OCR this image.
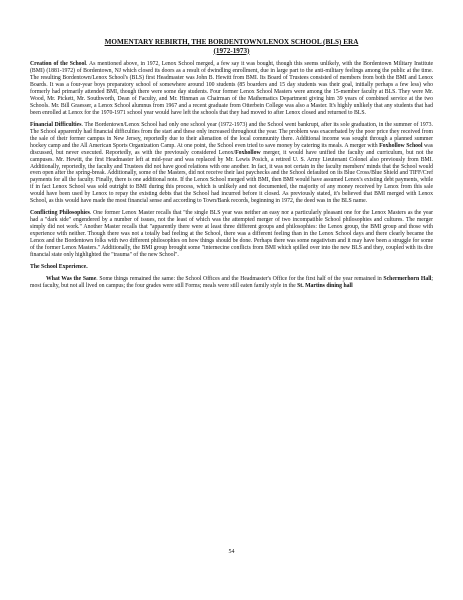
MOMENTARY REBIRTH, THE BORDENTOWN/LENOX SCHOOL (BLS) ERA
(1972-1973)

Creation of the School. As mentioned above, in 1972, Lenox School merged, a few say it was bought, though this seems unlikely, with the Bordentown Military Institute (BMI) (1881-1972) of Bordentown, NJ which closed its doors as a result of dwindling enrollment, due in large part to the anti-military feelings among the public at the time. The resulting Bordentown/Lenox School's (BLS) first Headmaster was John B. Hewitt from BMI. Its Board of Trustees consisted of members from both the BMI and Lenox Boards. It was a four-year boys preparatory school of somewhere around 100 students (85 boarders and 15 day students was their goal, initially perhaps a few less) who formerly had primarily attended BMI, though there were some day students. Four former Lenox School Masters were among the 15-member faculty at BLS. They were Mr. Wood, Mr. Pickett, Mr. Southworth, Dean of Faculty, and Mr. Hinman as Chairman of the Mathematics Department giving him 39 years of combined service at the two Schools. Mr. Bill Graesser, a Lenox School alumnus from 1967 and a recent graduate from Otterbein College was also a Master. It's highly unlikely that any students that had been enrolled at Lenox for the 1970-1971 school year would have left the schools that they had moved to after Lenox closed and returned to BLS.

Financial Difficulties. The Bordentown/Lenox School had only one school year (1972-1973) and the School went bankrupt, after its sole graduation, in the summer of 1973. The School apparently had financial difficulties from the start and these only increased throughout the year. The problem was exacerbated by the poor price they received from the sale of their former campus in New Jersey, reportedly due to their alienation of the local community there. Additional income was sought through a planned summer hockey camp and the All American Sports Organization Camp. At one point, the School even tried to save money by catering its meals. A merger with Foxhollow School was discussed, but never executed. Reportedly, as with the previously considered Lenox/Foxhollow merger, it would have unified the faculty and curriculum, but not the campuses. Mr. Hewitt, the first Headmaster left at mid-year and was replaced by Mr. Lewis Posich, a retired U. S. Army Lieutenant Colonel also previously from BMI. Additionally, reportedly, the faculty and Trustees did not have good relations with one another. In fact, it was not certain in the faculty members' minds that the School would even open after the spring-break. Additionally, some of the Masters, did not receive their last paychecks and the School defaulted on its Blue Cross/Blue Shield and TIFF/Cref payments for all the faculty. Finally, there is one additional note. If the Lenox School merged with BMI, then BMI would have assumed Lenox's existing debt payments, while if in fact Lenox School was sold outright to BMI during this process, which is unlikely and not documented, the majority of any money received by Lenox from this sale would have been used by Lenox to repay the existing debts that the School had incurred before it closed. As previously stated, it's believed that BMI merged with Lenox School, as this would have made the most financial sense and according to Town/Bank records, beginning in 1972, the deed was in the BLS name.

Conflicting Philosophies. One former Lenox Master recalls that "the single BLS year was neither an easy nor a particularly pleasant one for the Lenox Masters as the year had a "dark side" engendered by a number of issues, not the least of which was the attempted merger of two incompatible School philosophies and cultures. The merger simply did not work." Another Master recalls that "apparently there were at least three different groups and philosophies: the Lenox group, the BMI group and those with experience with neither. Though there was not a totally bad feeling at the School, there was a different feeling than in the Lenox School days and there clearly became the Lenox and the Bordentown folks with two different philosophies on how things should be done. Perhaps there was some negativism and it may have been a struggle for some of the former Lenox Masters." Additionally, the BMI group brought some "internecine conflicts from BMI which spilled over into the new BLS and they, coupled with its dire financial state only highlighted the "trauma" of the new School".

The School Experience.

What Was the Same. Some things remained the same: the School Offices and the Headmaster's Office for the first half of the year remained in Schermerhorn Hall; most faculty, but not all lived on campus; the four grades were still Forms; meals were still eaten family style in the St. Martins dining hall

54
